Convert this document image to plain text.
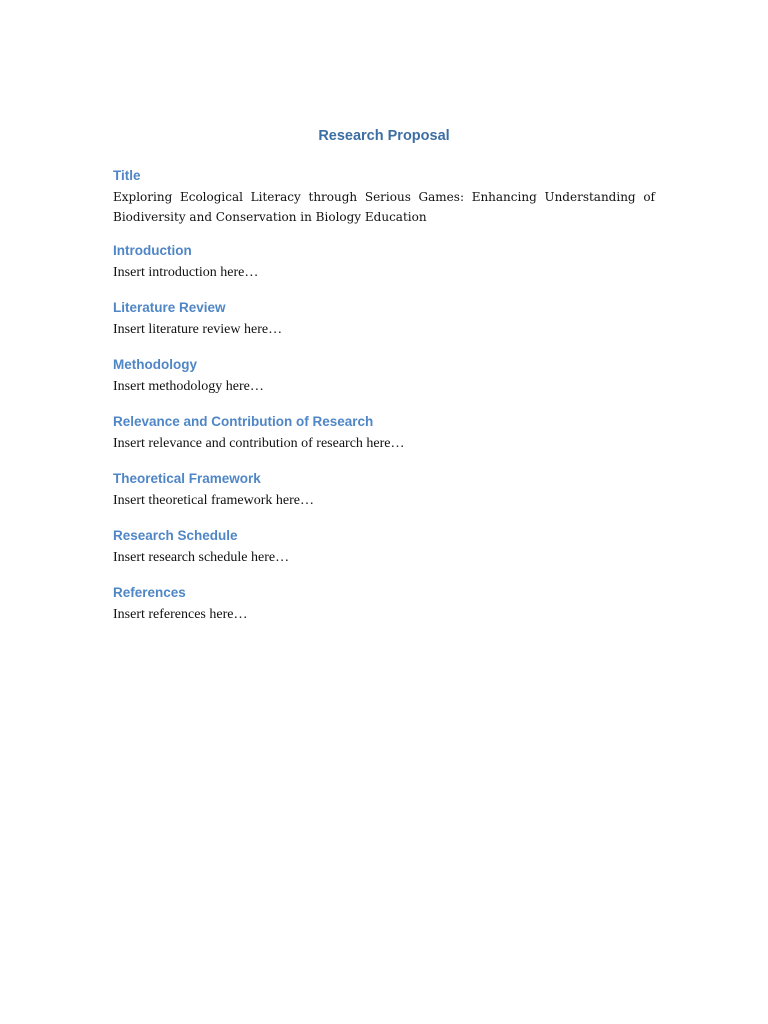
Research Proposal
Title

Exploring Ecological Literacy through Serious Games: Enhancing Understanding of Biodiversity and Conservation in Biology Education

Introduction

Insert introduction here…

Literature Review

Insert literature review here…

Methodology

Insert methodology here…

Relevance and Contribution of Research

Insert relevance and contribution of research here…

Theoretical Framework

Insert theoretical framework here…

Research Schedule

Insert research schedule here…

References

Insert references here…
